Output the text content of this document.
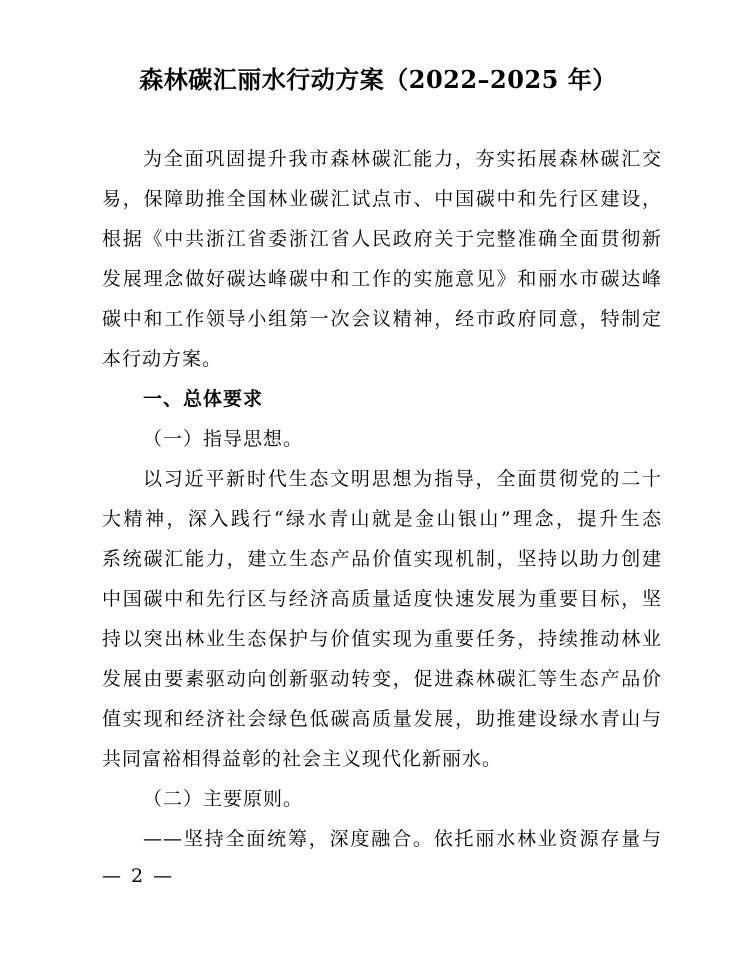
森林碳汇丽水行动方案（2022–2025 年）
为全面巩固提升我市森林碳汇能力，夯实拓展森林碳汇交
易，保障助推全国林业碳汇试点市、中国碳中和先行区建设，
根据《中共浙江省委浙江省人民政府关于完整准确全面贯彻新
发展理念做好碳达峰碳中和工作的实施意见》和丽水市碳达峰
碳中和工作领导小组第一次会议精神，经市政府同意，特制定
本行动方案。
一、总体要求
（一）指导思想。
以习近平新时代生态文明思想为指导，全面贯彻党的二十
大精神，深入践行“绿水青山就是金山银山”理念，提升生态
系统碳汇能力，建立生态产品价值实现机制，坚持以助力创建
中国碳中和先行区与经济高质量适度快速发展为重要目标，坚
持以突出林业生态保护与价值实现为重要任务，持续推动林业
发展由要素驱动向创新驱动转变，促进森林碳汇等生态产品价
值实现和经济社会绿色低碳高质量发展，助推建设绿水青山与
共同富裕相得益彰的社会主义现代化新丽水。
（二）主要原则。
——坚持全面统筹，深度融合。依托丽水林业资源存量与
— 2 —
